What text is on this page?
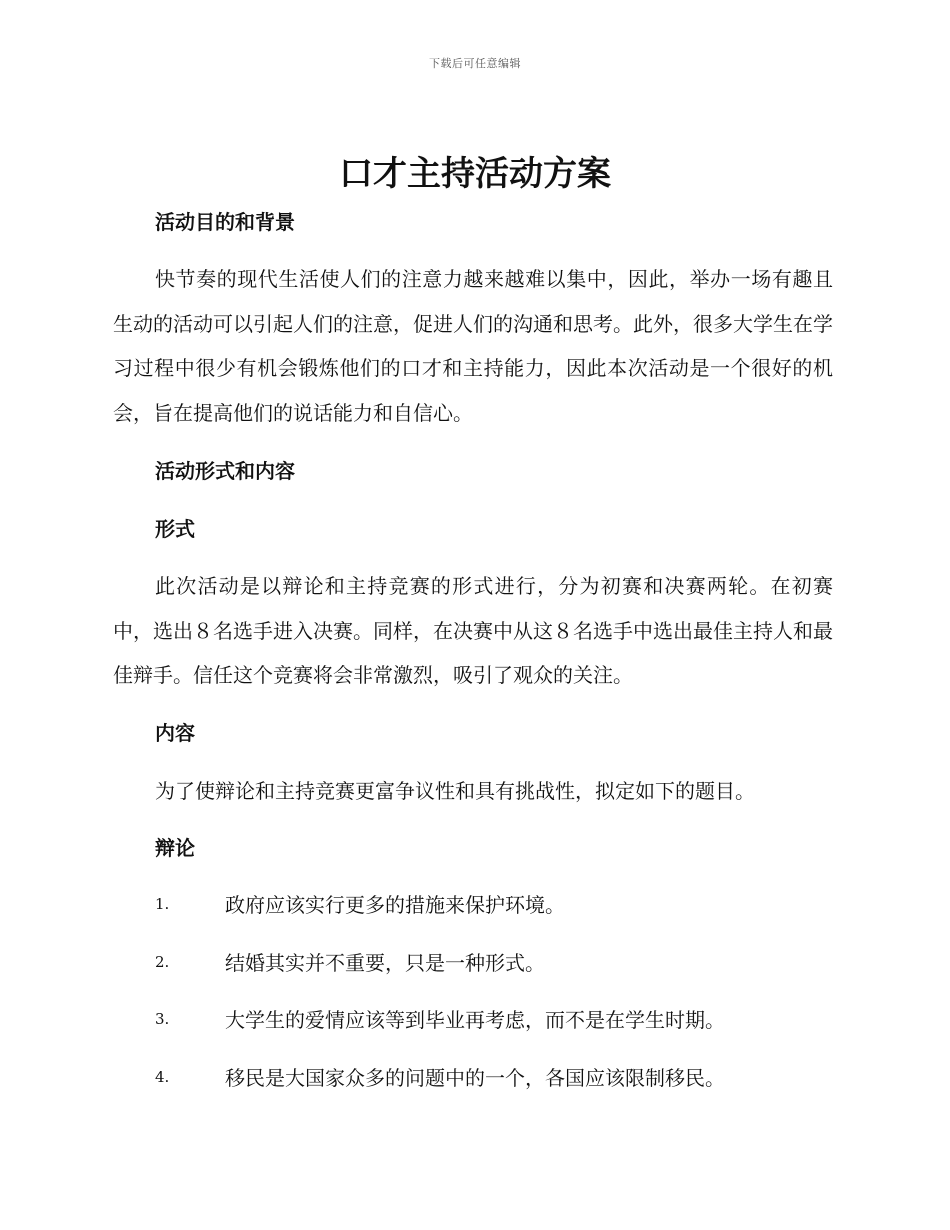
下载后可任意编辑
口才主持活动方案
活动目的和背景

快节奏的现代生活使人们的注意力越来越难以集中，因此，举办一场有趣且生动的活动可以引起人们的注意，促进人们的沟通和思考。此外，很多大学生在学习过程中很少有机会锻炼他们的口才和主持能力，因此本次活动是一个很好的机会，旨在提高他们的说话能力和自信心。

活动形式和内容
形式

此次活动是以辩论和主持竞赛的形式进行，分为初赛和决赛两轮。在初赛中，选出８名选手进入决赛。同样，在决赛中从这８名选手中选出最佳主持人和最佳辩手。信任这个竞赛将会非常激烈，吸引了观众的关注。

内容

为了使辩论和主持竞赛更富争议性和具有挑战性，拟定如下的题目。

辩论
1.	政府应该实行更多的措施来保护环境。
2.	结婚其实并不重要，只是一种形式。
3.	大学生的爱情应该等到毕业再考虑，而不是在学生时期。
4.	移民是大国家众多的问题中的一个，各国应该限制移民。
